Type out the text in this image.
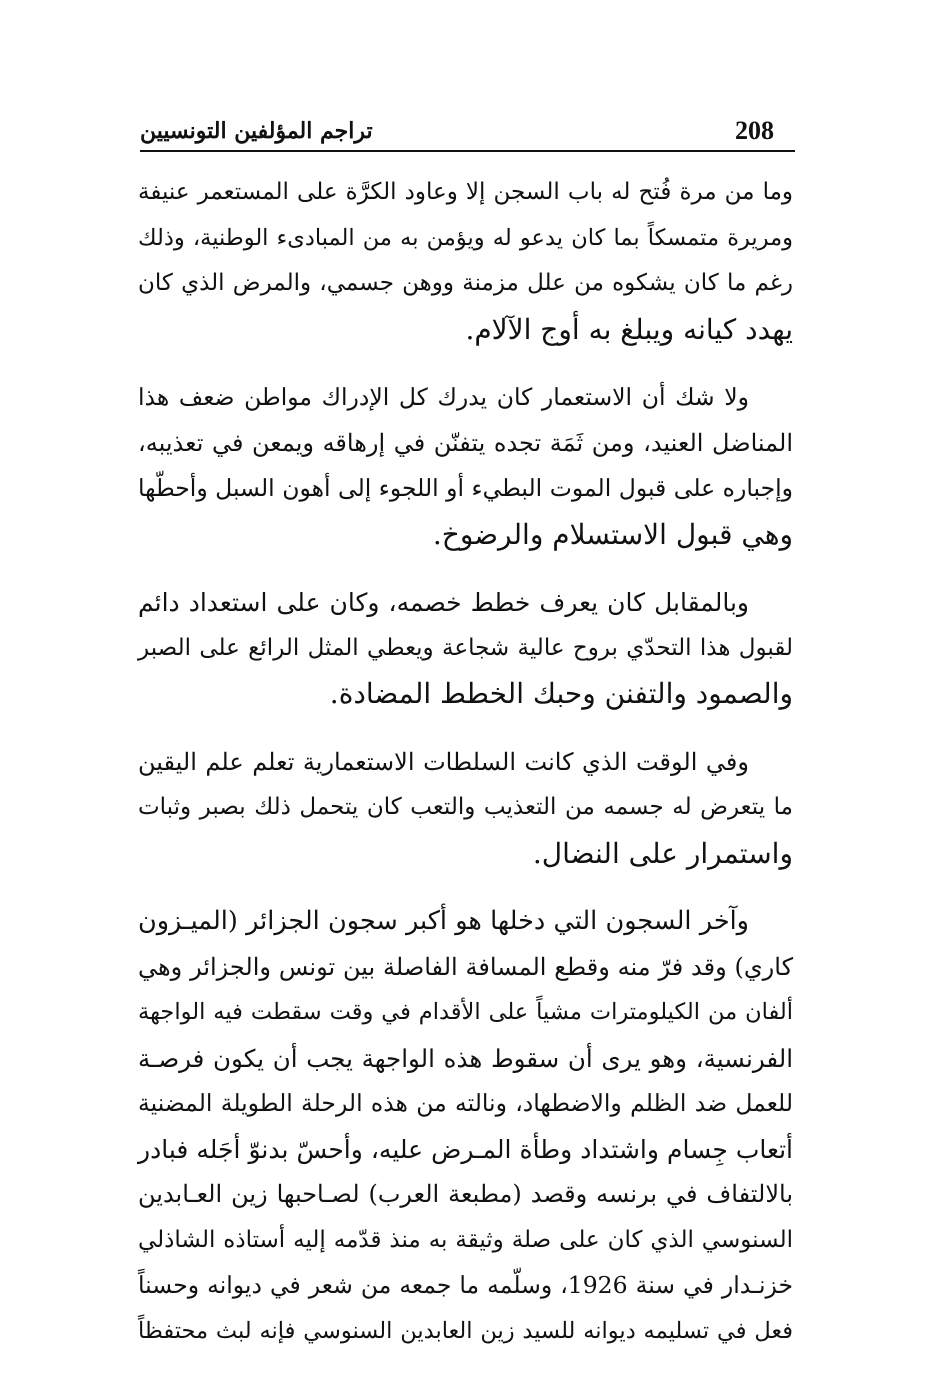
208
تراجم المؤلفين التونسيين

وما من مرة فُتح له باب السجن إلا وعاود الكرَّة على المستعمر عنيفة
ومريرة متمسكاً بما كان يدعو له ويؤمن به من المبادىء الوطنية، وذلك
رغم ما كان يشكوه من علل مزمنة ووهن جسمي، والمرض الذي كان
يهدد كيانه ويبلغ به أوج الآلام.

ولا شك أن الاستعمار كان يدرك كل الإدراك مواطن ضعف هذا
المناضل العنيد، ومن ثَمَة تجده يتفنّن في إرهاقه ويمعن في تعذيبه،
وإجباره على قبول الموت البطيء أو اللجوء إلى أهون السبل وأحطّها
وهي قبول الاستسلام والرضوخ.

وبالمقابل كان يعرف خطط خصمه، وكان على استعداد دائم
لقبول هذا التحدّي بروح عالية شجاعة ويعطي المثل الرائع على الصبر
والصمود والتفنن وحبك الخطط المضادة.

وفي الوقت الذي كانت السلطات الاستعمارية تعلم علم اليقين
ما يتعرض له جسمه من التعذيب والتعب كان يتحمل ذلك بصبر وثبات
واستمرار على النضال.

وآخر السجون التي دخلها هو أكبر سجون الجزائر (الميـزون
كاري) وقد فرّ منه وقطع المسافة الفاصلة بين تونس والجزائر وهي
ألفان من الكيلومترات مشياً على الأقدام في وقت سقطت فيه الواجهة
الفرنسية، وهو يرى أن سقوط هذه الواجهة يجب أن يكون فرصـة
للعمل ضد الظلم والاضطهاد، ونالته من هذه الرحلة الطويلة المضنية
أتعاب جِسام واشتداد وطأة المـرض عليه، وأحسّ بدنوّ أجَله فبادر
بالالتفاف في برنسه وقصد (مطبعة العرب) لصـاحبها زين العـابدين
السنوسي الذي كان على صلة وثيقة به منذ قدّمه إليه أستاذه الشاذلي
خزنـدار في سنة 1926، وسلّمه ما جمعه من شعر في ديوانه وحسناً
فعل في تسليمه ديوانه للسيد زين العابدين السنوسي فإنه لبث محتفظاً
